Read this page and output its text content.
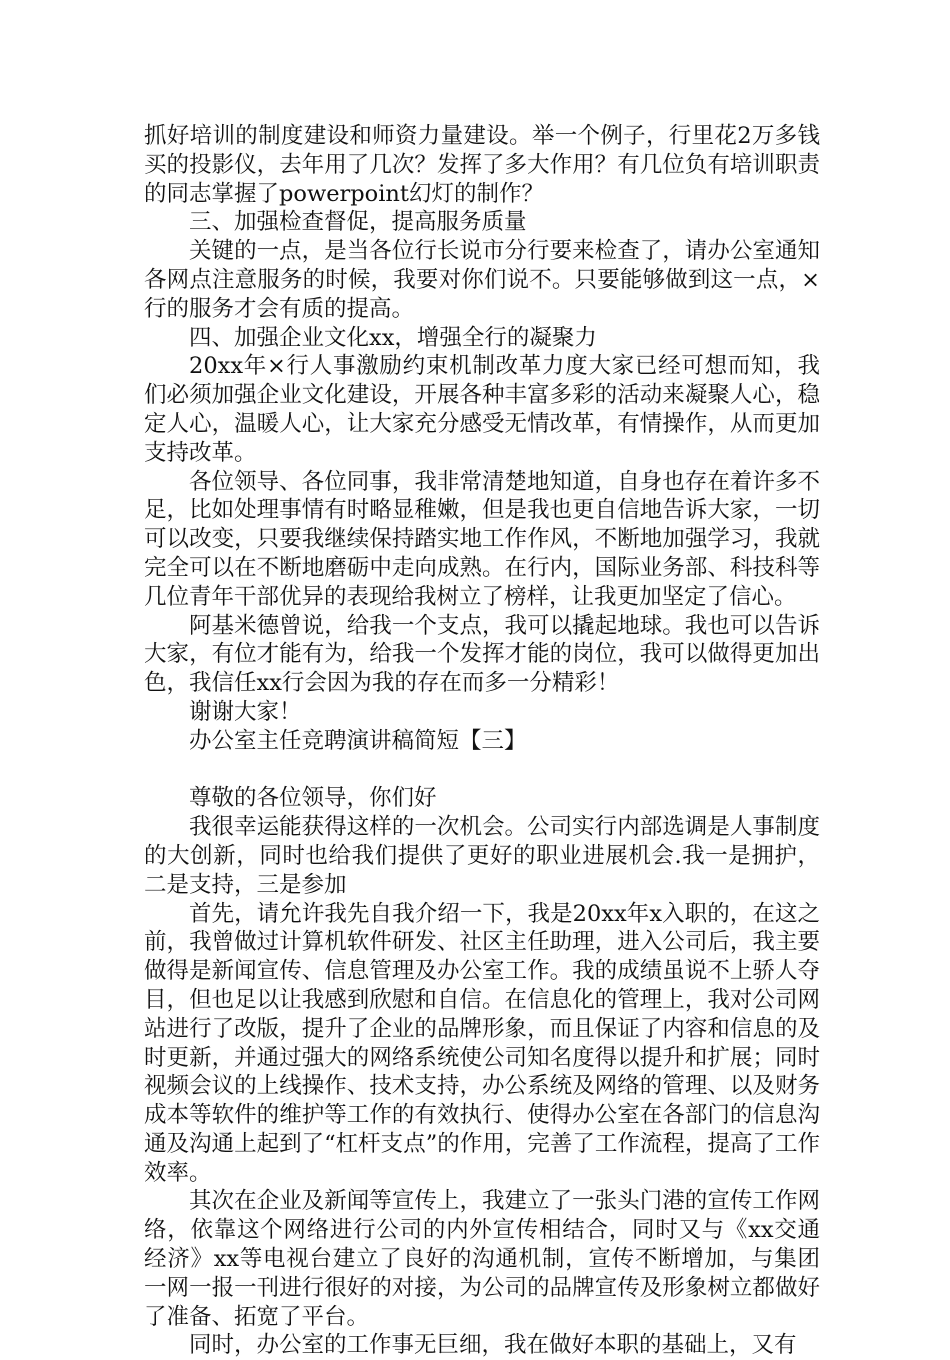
抓好培训的制度建设和师资力量建设。举一个例子，行里花2万多钱买的投影仪，去年用了几次？发挥了多大作用？有几位负有培训职责的同志掌握了powerpoint幻灯的制作？

三、加强检查督促，提高服务质量

关键的一点，是当各位行长说市分行要来检查了，请办公室通知各网点注意服务的时候，我要对你们说不。只要能够做到这一点，×行的服务才会有质的提高。

四、加强企业文化xx，增强全行的凝聚力

20xx年×行人事激励约束机制改革力度大家已经可想而知，我们必须加强企业文化建设，开展各种丰富多彩的活动来凝聚人心，稳定人心，温暖人心，让大家充分感受无情改革，有情操作，从而更加支持改革。

各位领导、各位同事，我非常清楚地知道，自身也存在着许多不足，比如处理事情有时略显稚嫩，但是我也更自信地告诉大家，一切可以改变，只要我继续保持踏实地工作作风，不断地加强学习，我就完全可以在不断地磨砺中走向成熟。在行内，国际业务部、科技科等几位青年干部优异的表现给我树立了榜样，让我更加坚定了信心。

阿基米德曾说，给我一个支点，我可以撬起地球。我也可以告诉大家，有位才能有为，给我一个发挥才能的岗位，我可以做得更加出色，我信任xx行会因为我的存在而多一分精彩！

谢谢大家！

办公室主任竞聘演讲稿简短【三】

尊敬的各位领导，你们好

我很幸运能获得这样的一次机会。公司实行内部选调是人事制度的大创新，同时也给我们提供了更好的职业进展机会.我一是拥护，二是支持，三是参加

首先，请允许我先自我介绍一下，我是20xx年x入职的，在这之前，我曾做过计算机软件研发、社区主任助理，进入公司后，我主要做得是新闻宣传、信息管理及办公室工作。我的成绩虽说不上骄人夺目，但也足以让我感到欣慰和自信。在信息化的管理上，我对公司网站进行了改版，提升了企业的品牌形象，而且保证了内容和信息的及时更新，并通过强大的网络系统使公司知名度得以提升和扩展；同时视频会议的上线操作、技术支持，办公系统及网络的管理、以及财务成本等软件的维护等工作的有效执行、使得办公室在各部门的信息沟通及沟通上起到了“杠杆支点”的作用，完善了工作流程，提高了工作效率。

其次在企业及新闻等宣传上，我建立了一张头门港的宣传工作网络，依靠这个网络进行公司的内外宣传相结合，同时又与《xx交通经济》xx等电视台建立了良好的沟通机制，宣传不断增加，与集团一网一报一刊进行很好的对接，为公司的品牌宣传及形象树立都做好了准备、拓宽了平台。

同时，办公室的工作事无巨细，我在做好本职的基础上，又有
